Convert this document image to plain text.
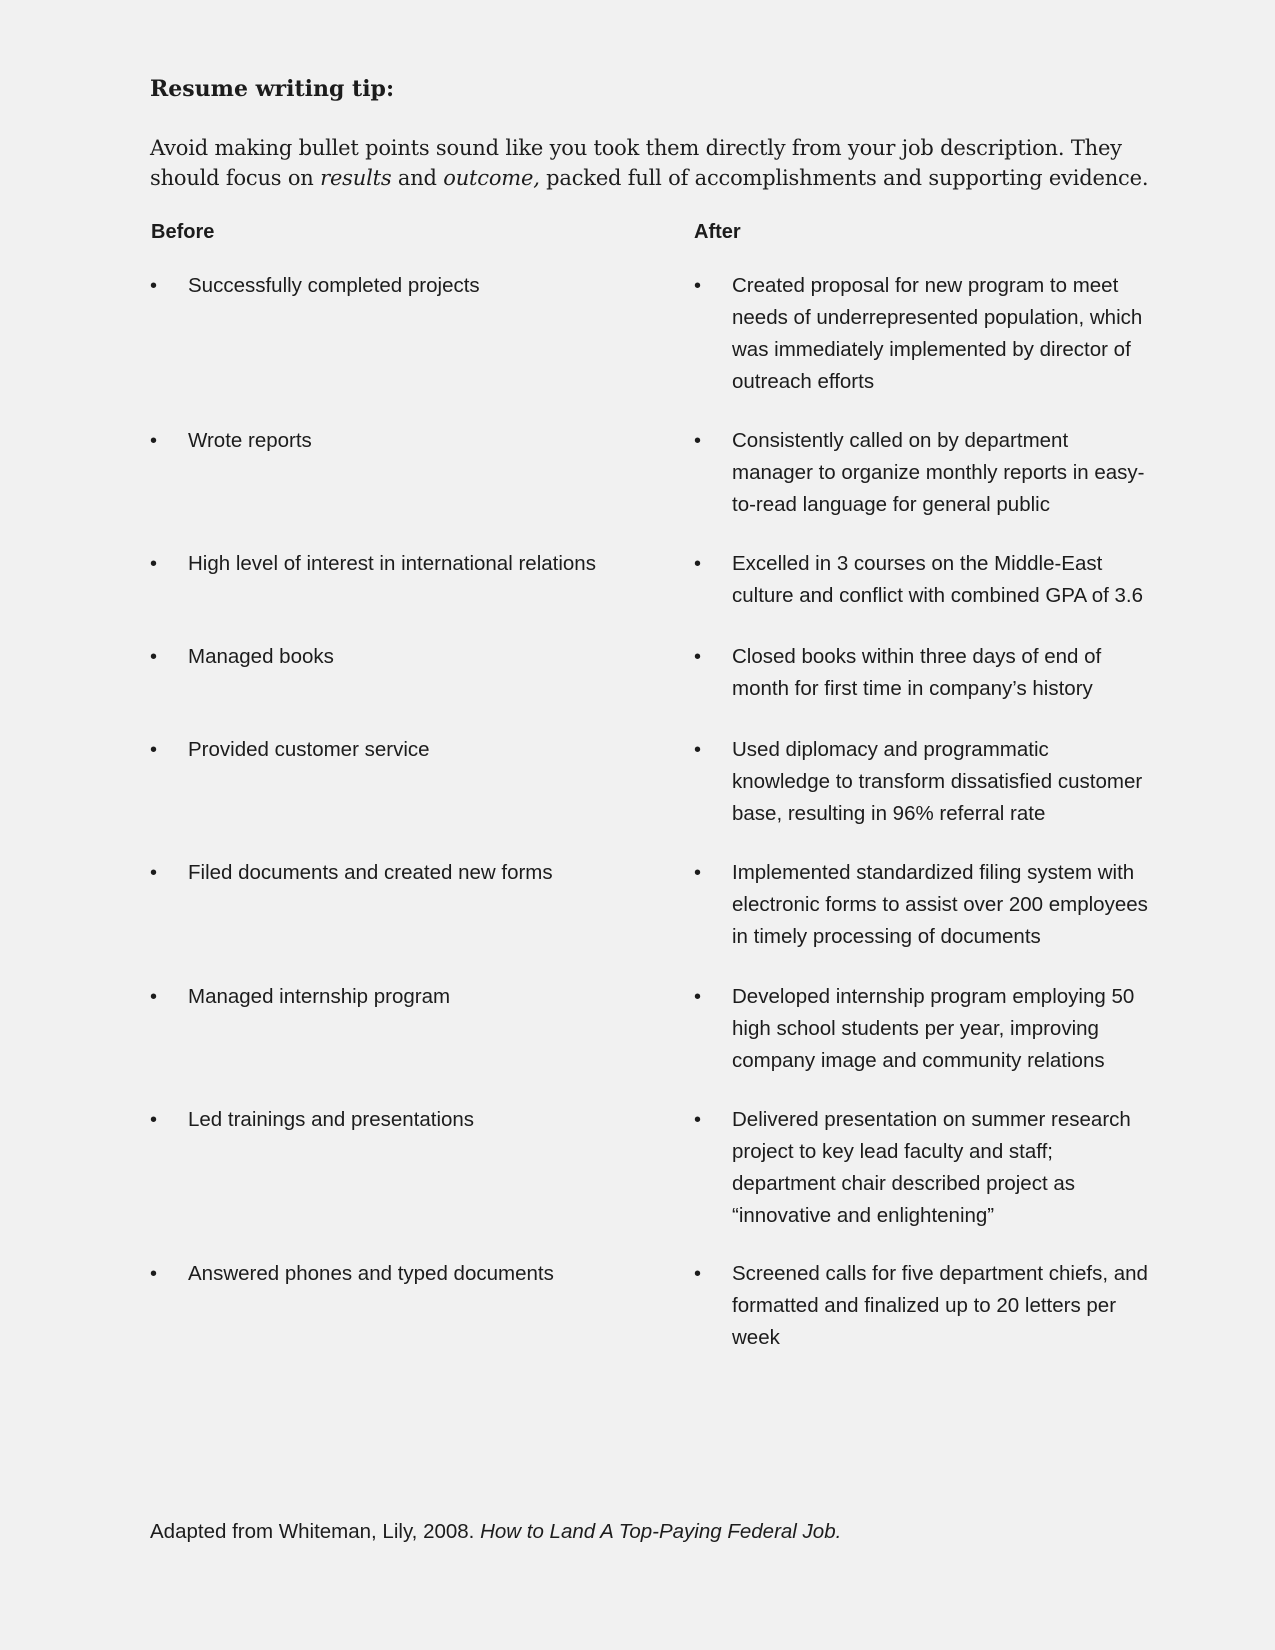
Resume writing tip:

Avoid making bullet points sound like you took them directly from your job description. They should focus on results and outcome, packed full of accomplishments and supporting evidence.

Before	After
• Successfully completed projects	• Created proposal for new program to meet
needs of underrepresented population, which
was immediately implemented by director of
outreach efforts
• Wrote reports	• Consistently called on by department
manager to organize monthly reports in easy-
to-read language for general public
• High level of interest in international relations	• Excelled in 3 courses on the Middle-East
culture and conflict with combined GPA of 3.6
• Managed books	• Closed books within three days of end of
month for first time in company’s history
• Provided customer service	• Used diplomacy and programmatic
knowledge to transform dissatisfied customer
base, resulting in 96% referral rate
• Filed documents and created new forms	• Implemented standardized filing system with
electronic forms to assist over 200 employees
in timely processing of documents
• Managed internship program	• Developed internship program employing 50
high school students per year, improving
company image and community relations
• Led trainings and presentations	• Delivered presentation on summer research
project to key lead faculty and staff;
department chair described project as
“innovative and enlightening”
• Answered phones and typed documents	• Screened calls for five department chiefs, and
formatted and finalized up to 20 letters per
week

Adapted from Whiteman, Lily, 2008. How to Land A Top-Paying Federal Job.
